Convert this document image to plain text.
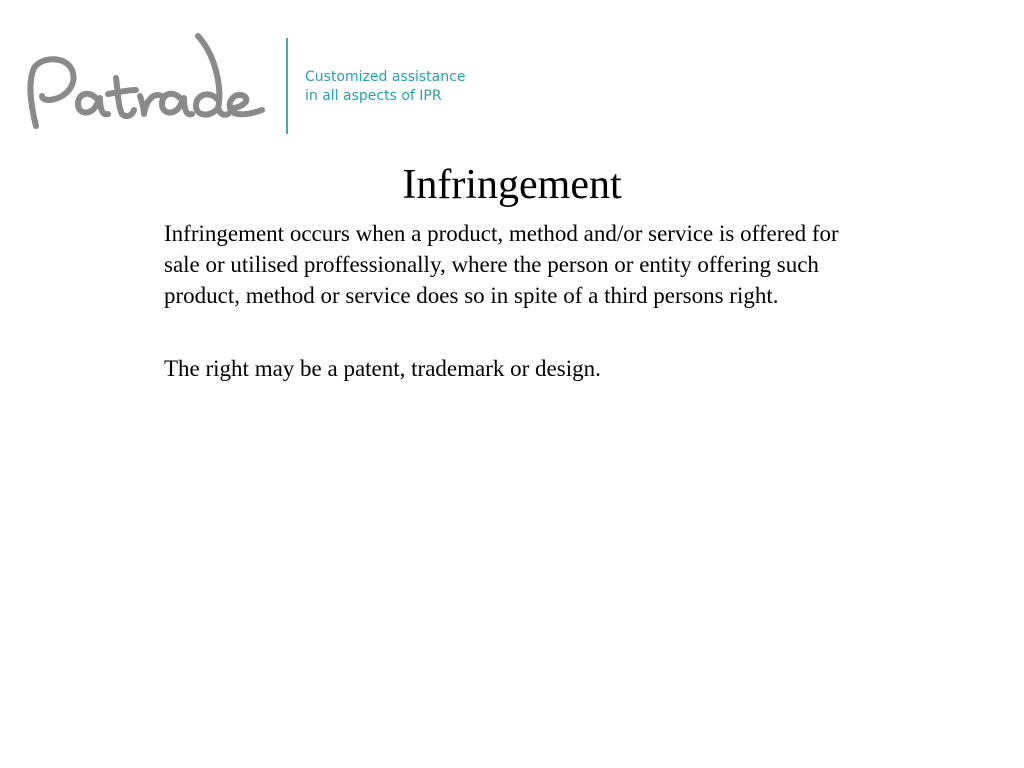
Customized assistance
in all aspects of IPR
Infringement

Infringement occurs when a product, method and/or service is offered for sale or utilised proffessionally, where the person or entity offering such product, method or service does so in spite of a third persons right.

The right may be a patent, trademark or design.
